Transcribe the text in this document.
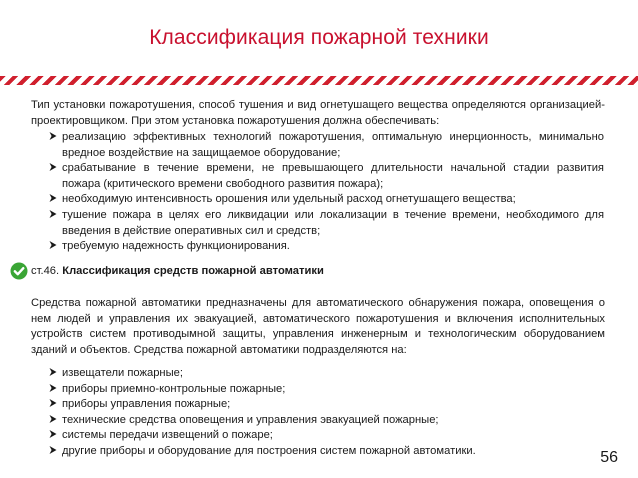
Классификация пожарной техники

Тип установки пожаротушения, способ тушения и вид огнетушащего вещества определяются организацией-проектировщиком. При этом установка пожаротушения должна обеспечивать:

реализацию эффективных технологий пожаротушения, оптимальную инерционность, минимально вредное воздействие на защищаемое оборудование;
срабатывание в течение времени, не превышающего длительности начальной стадии развития пожара (критического времени свободного развития пожара);
необходимую интенсивность орошения или удельный расход огнетушащего вещества;
тушение пожара в целях его ликвидации или локализации в течение времени, необходимого для введения в действие оперативных сил и средств;
требуемую надежность функционирования.
ст.46. Классификация средств пожарной автоматики

Средства пожарной автоматики предназначены для автоматического обнаружения пожара, оповещения о нем людей и управления их эвакуацией, автоматического пожаротушения и включения исполнительных устройств систем противодымной защиты, управления инженерным и технологическим оборудованием зданий и объектов. Средства пожарной автоматики подразделяются на:

извещатели пожарные;
приборы приемно-контрольные пожарные;
приборы управления пожарные;
технические средства оповещения и управления эвакуацией пожарные;
системы передачи извещений о пожаре;
другие приборы и оборудование для построения систем пожарной автоматики.	56
